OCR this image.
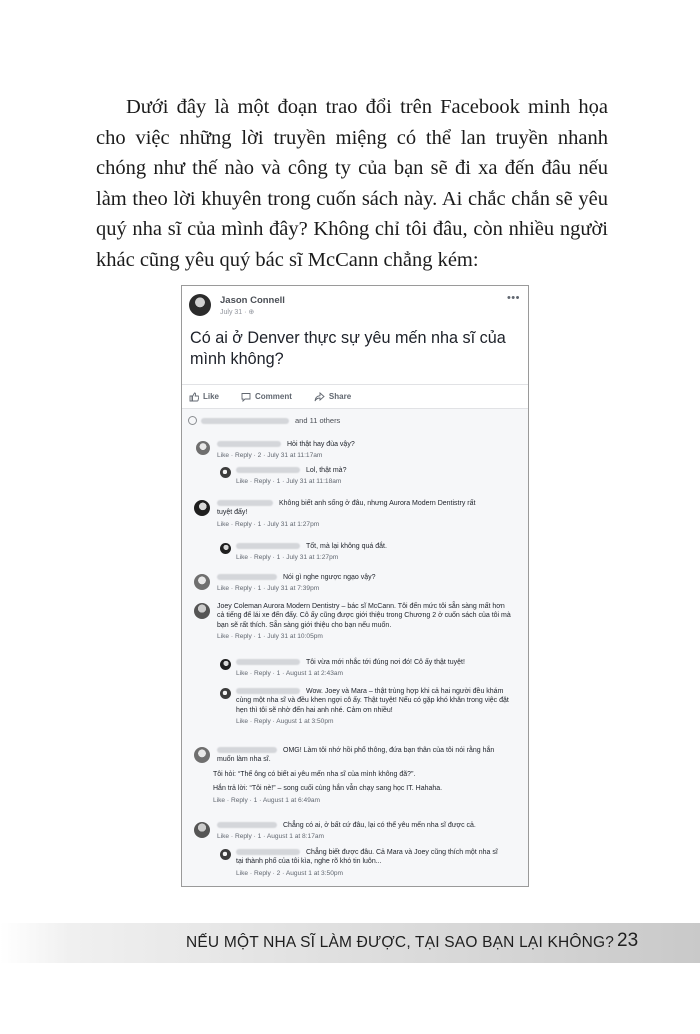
Dưới đây là một đoạn trao đổi trên Facebook minh họa cho việc những lời truyền miệng có thể lan truyền nhanh chóng như thế nào và công ty của bạn sẽ đi xa đến đâu nếu làm theo lời khuyên trong cuốn sách này. Ai chắc chắn sẽ yêu quý nha sĩ của mình đây? Không chỉ tôi đâu, còn nhiều người khác cũng yêu quý bác sĩ McCann chẳng kém:

Jason Connell
July 31 · ⊕
•••
Có ai ở Denver thực sự yêu mến nha sĩ của mình không?
Like	Comment	Share
and 11 others
Hỏi thật hay đùa vậy?
Like · Reply · 2 · July 31 at 11:17am
Lol, thật mà?
Like · Reply · 1 · July 31 at 11:18am
Không biết anh sống ở đâu, nhưng Aurora Modern Dentistry rất tuyệt đấy!
Like · Reply · 1 · July 31 at 1:27pm
Tốt, mà lại không quá đắt.
Like · Reply · 1 · July 31 at 1:27pm
Nói gì nghe ngược ngạo vậy?
Like · Reply · 1 · July 31 at 7:39pm
Joey Coleman Aurora Modern Dentistry – bác sĩ McCann. Tôi đến mức tôi sẵn sàng mất hơn cả tiếng để lái xe đến đấy. Cô ấy cũng được giới thiệu trong Chương 2 ở cuốn sách của tôi mà bạn sẽ rất thích. Sẵn sàng giới thiệu cho bạn nếu muốn.
Like · Reply · 1 · July 31 at 10:05pm
Tôi vừa mới nhắc tới đúng nơi đó! Cô ấy thật tuyệt!
Like · Reply · 1 · August 1 at 2:43am
Wow. Joey và Mara – thật trùng hợp khi cả hai người đều khám cùng một nha sĩ và đều khen ngợi cô ấy. Thật tuyệt! Nếu có gặp khó khăn trong việc đặt hẹn thì tôi sẽ nhờ đến hai anh nhé. Cảm ơn nhiều!
Like · Reply · August 1 at 3:50pm
OMG! Làm tôi nhớ hồi phổ thông, đứa bạn thân của tôi nói rằng hắn muốn làm nha sĩ.
Tôi hỏi: “Thế ông có biết ai yêu mến nha sĩ của mình không đã?”.
Hắn trả lời: “Tôi nè!” – song cuối cùng hắn vẫn chạy sang học IT. Hahaha.
Like · Reply · 1 · August 1 at 6:49am
Chẳng có ai, ở bất cứ đâu, lại có thể yêu mến nha sĩ được cả.
Like · Reply · 1 · August 1 at 8:17am
Chẳng biết được đâu. Cả Mara và Joey cũng thích một nha sĩ tại thành phố của tôi kìa, nghe rõ khó tin luôn...
Like · Reply · 2 · August 1 at 3:50pm
NẾU MỘT NHA SĨ LÀM ĐƯỢC, TẠI SAO BẠN LẠI KHÔNG? 23
